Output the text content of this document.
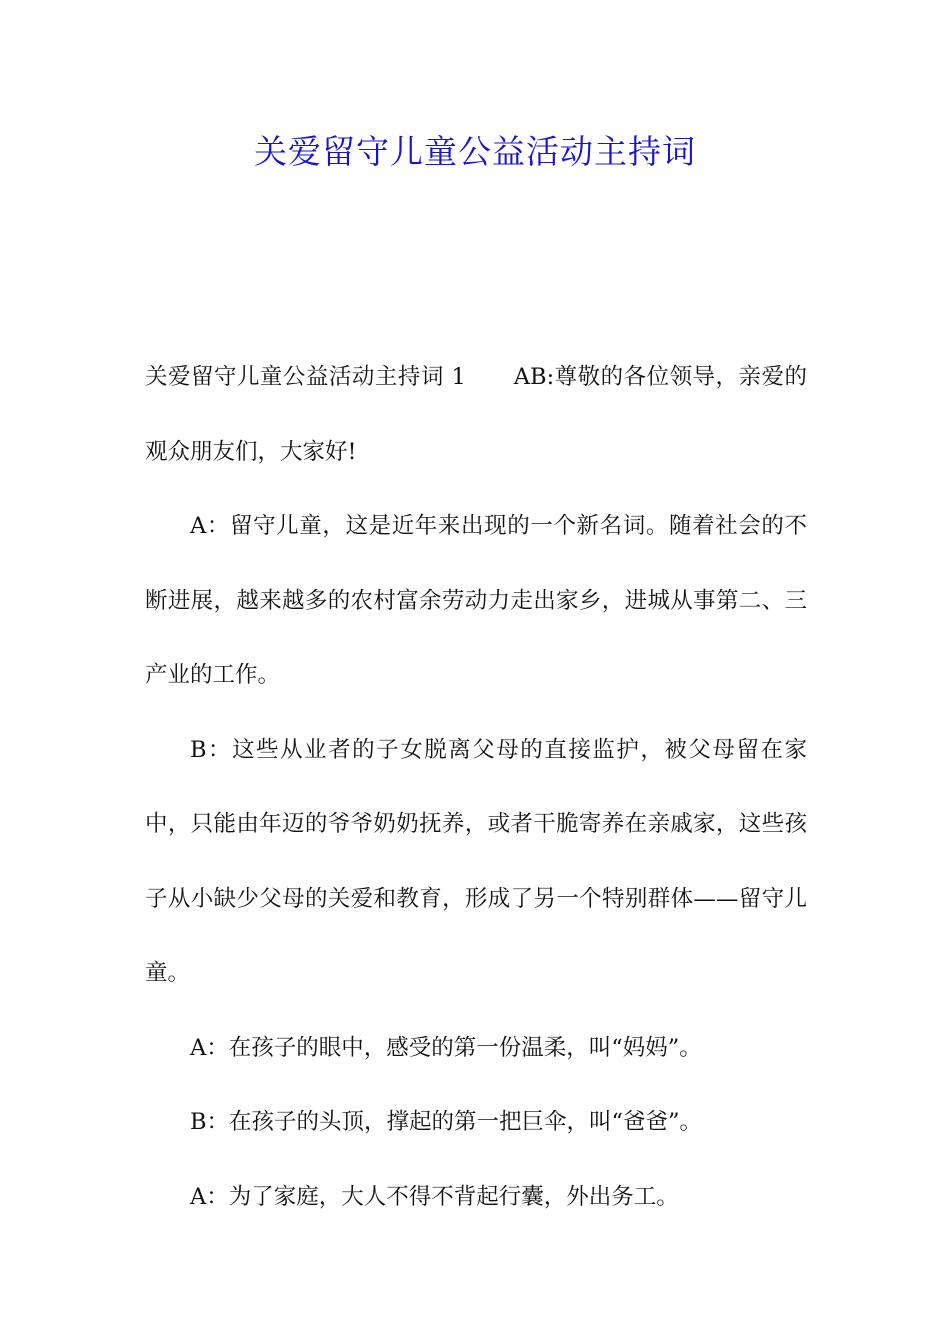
关爱留守儿童公益活动主持词

关爱留守儿童公益活动主持词 1 AB:尊敬的各位领导，亲爱的观众朋友们，大家好!

A：留守儿童，这是近年来出现的一个新名词。随着社会的不断进展，越来越多的农村富余劳动力走出家乡，进城从事第二、三产业的工作。

B：这些从业者的子女脱离父母的直接监护，被父母留在家中，只能由年迈的爷爷奶奶抚养，或者干脆寄养在亲戚家，这些孩子从小缺少父母的关爱和教育，形成了另一个特别群体——留守儿童。

A：在孩子的眼中，感受的第一份温柔，叫“妈妈”。

B：在孩子的头顶，撑起的第一把巨伞，叫“爸爸”。

A：为了家庭，大人不得不背起行囊，外出务工。
